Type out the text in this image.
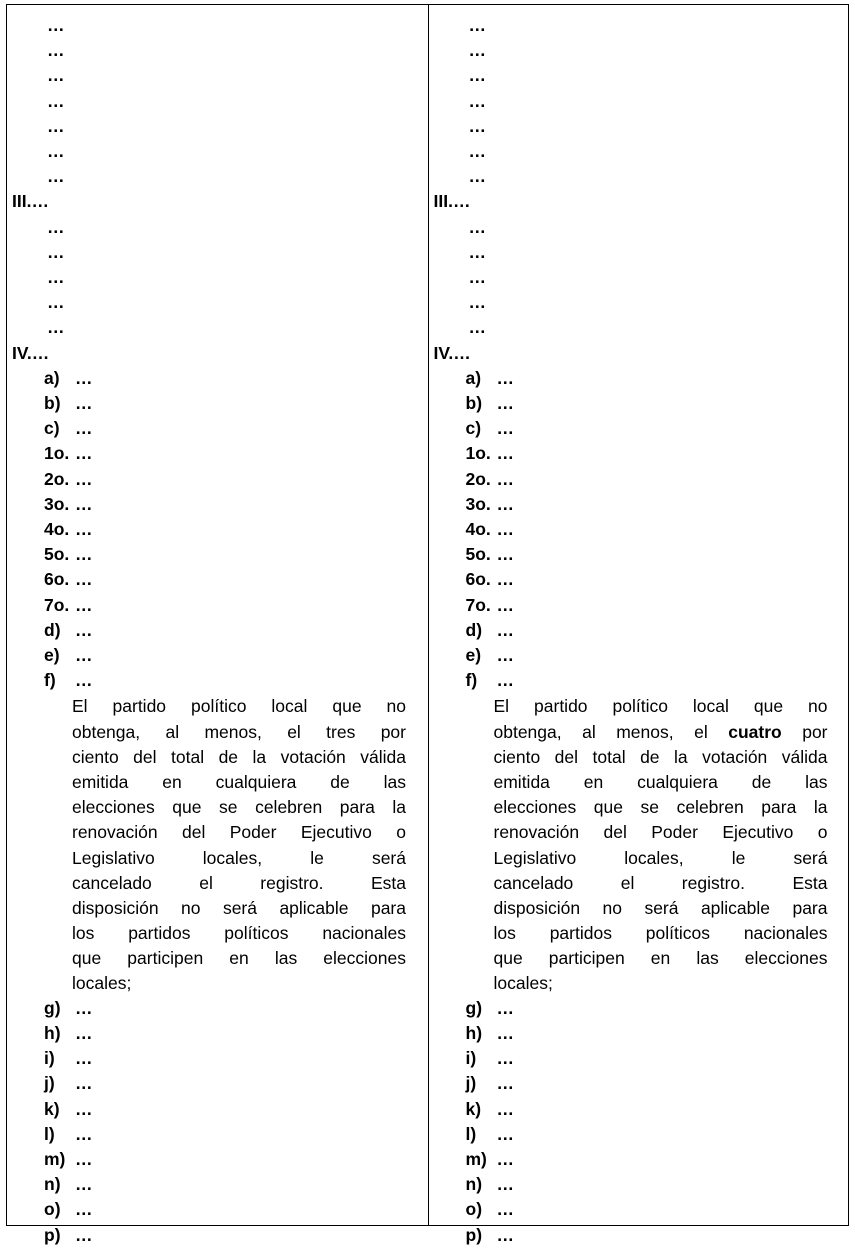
…
…
…
…
…
…
…
III.…
…
…
…
…
…
IV.…
a) …
b) …
c) …
1o. …
2o. …
3o. …
4o. …
5o. …
6o. …
7o. …
d) …
e) …
f) …
El partido político local que no
obtenga, al menos, el tres por
ciento del total de la votación válida
emitida en cualquiera de las
elecciones que se celebren para la
renovación del Poder Ejecutivo o
Legislativo locales, le será
cancelado el registro. Esta
disposición no será aplicable para
los partidos políticos nacionales
que participen en las elecciones
locales;
g) …
h) …
i) …
j) …
k) …
l) …
m) …
n) …
o) …
p) …
…
…
…
…
…
…
…
III.…
…
…
…
…
…
IV.…
a) …
b) …
c) …
1o. …
2o. …
3o. …
4o. …
5o. …
6o. …
7o. …
d) …
e) …
f) …
El partido político local que no
obtenga, al menos, el cuatro por
ciento del total de la votación válida
emitida en cualquiera de las
elecciones que se celebren para la
renovación del Poder Ejecutivo o
Legislativo locales, le será
cancelado el registro. Esta
disposición no será aplicable para
los partidos políticos nacionales
que participen en las elecciones
locales;
g) …
h) …
i) …
j) …
k) …
l) …
m) …
n) …
o) …
p) …
